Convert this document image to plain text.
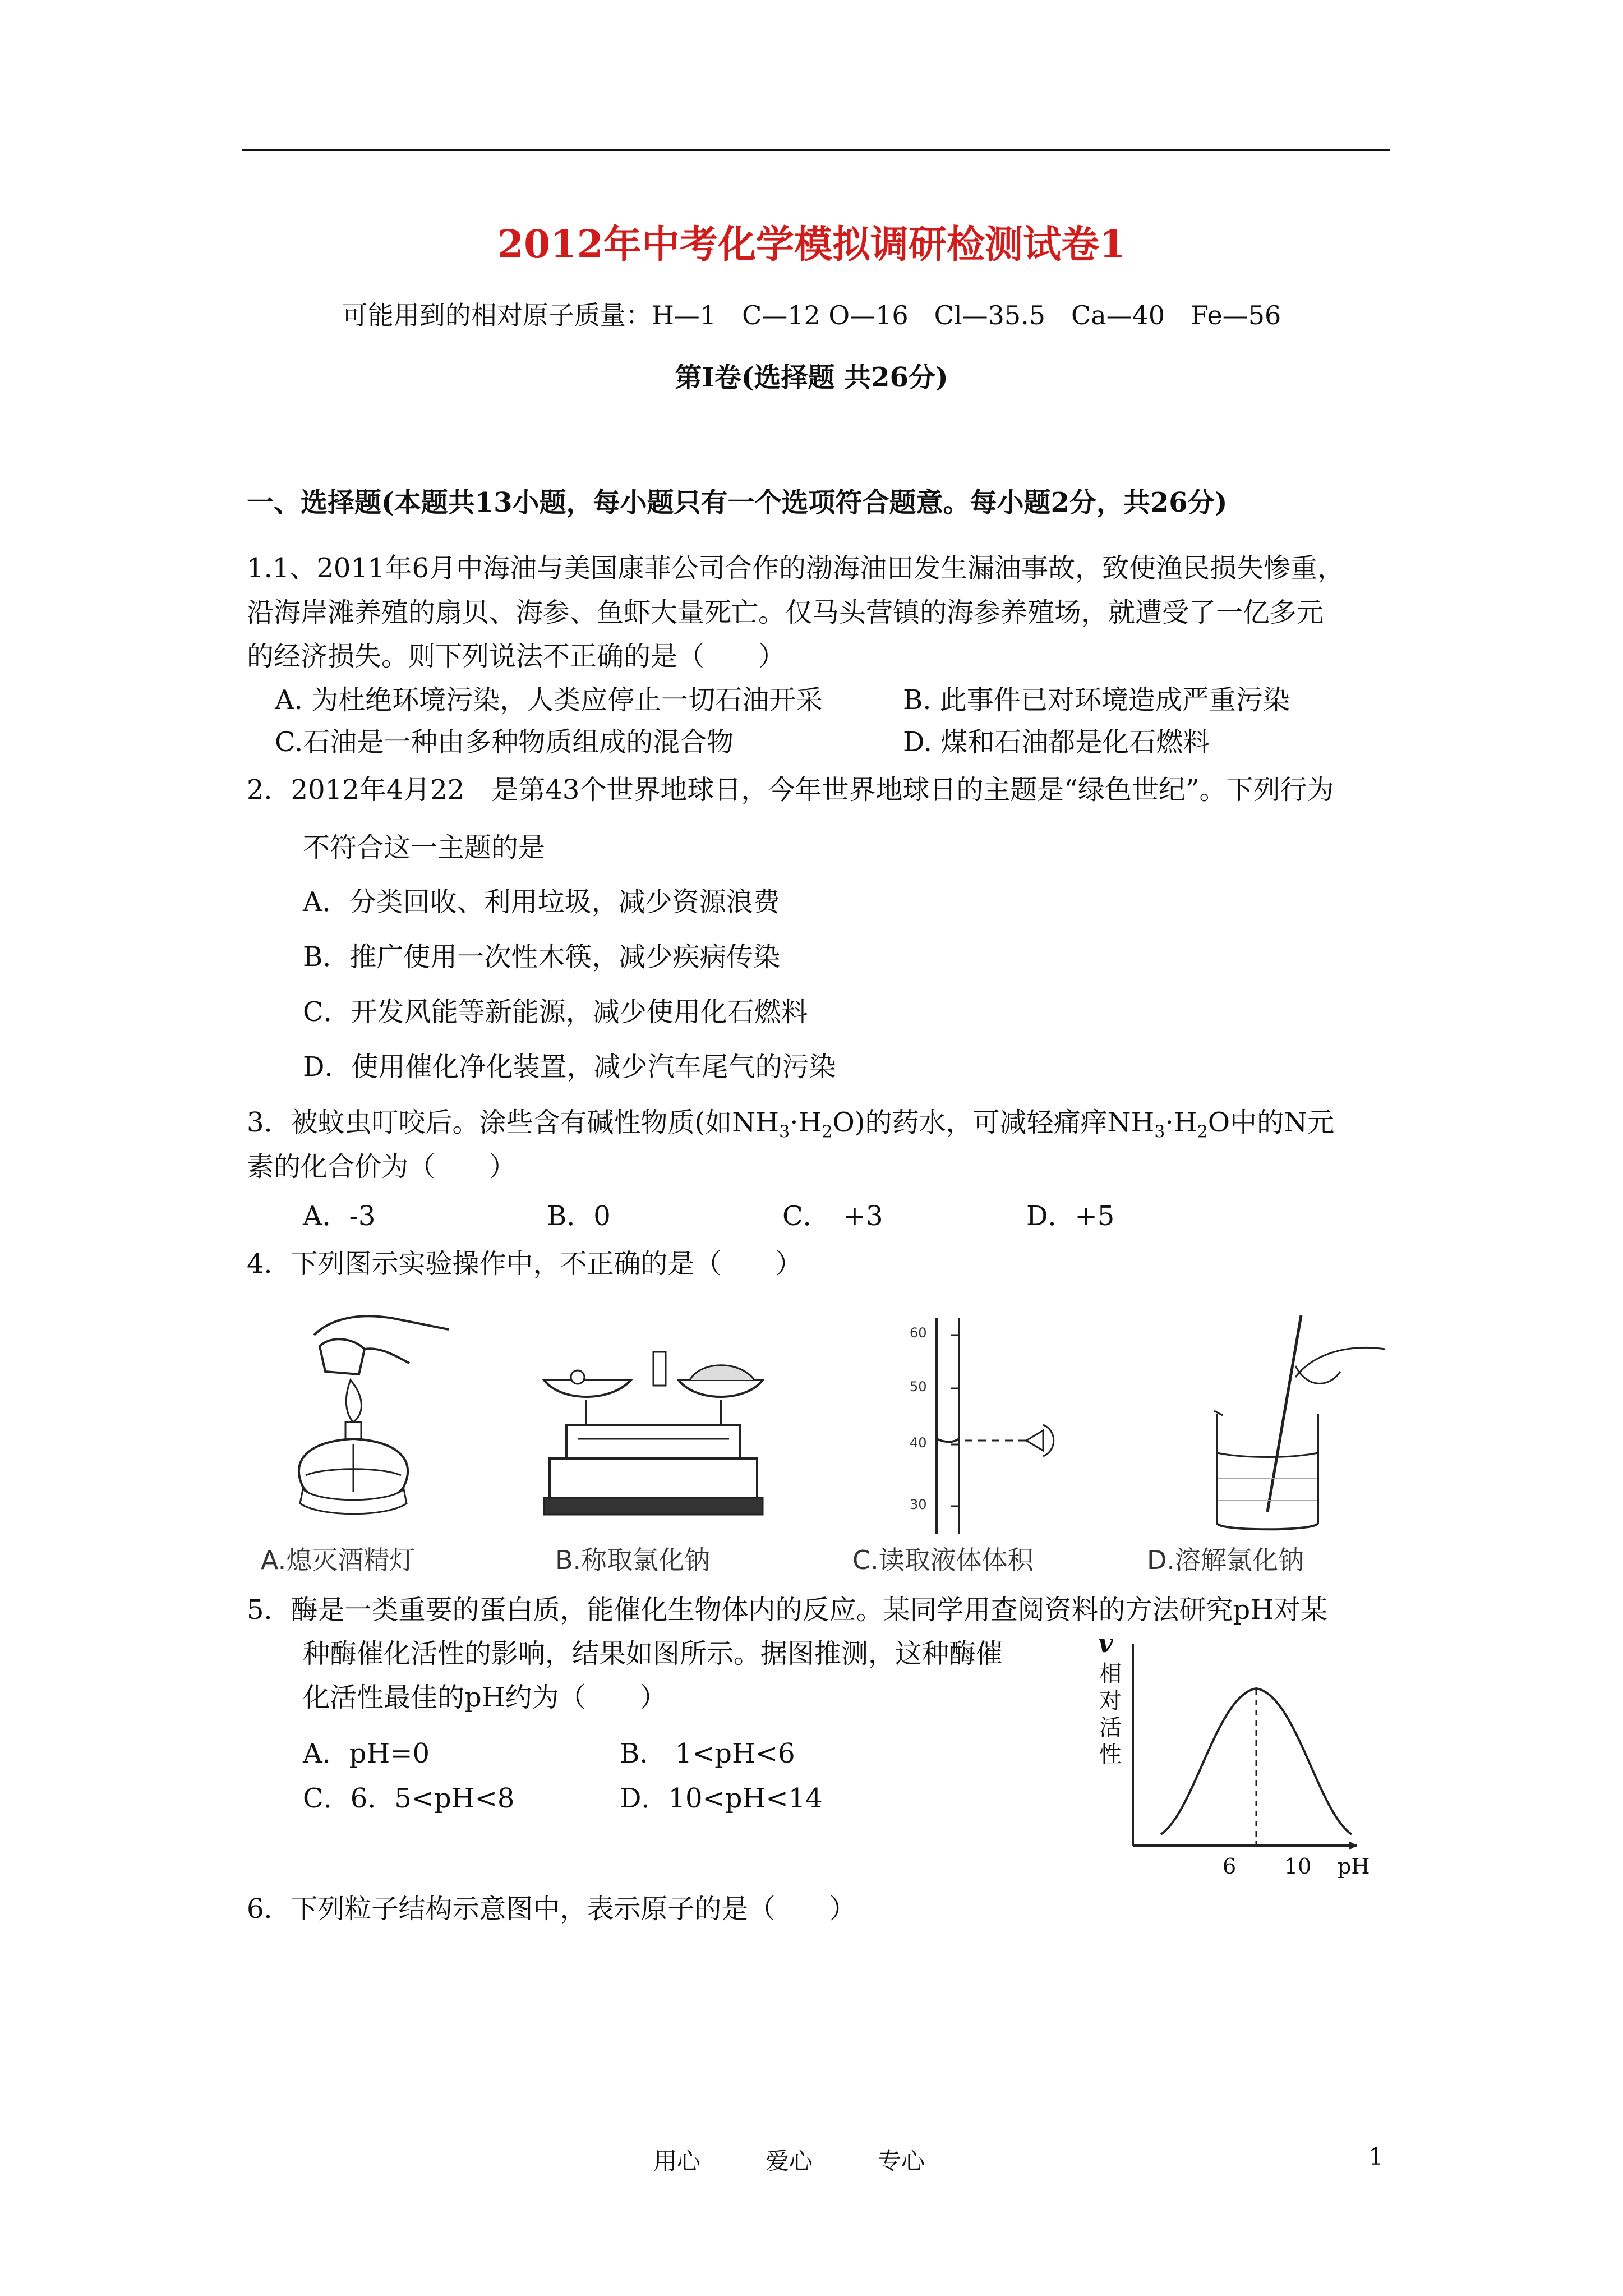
2012年中考化学模拟调研检测试卷1
可能用到的相对原子质量：H—1　C—12 O—16　Cl—35.5　Ca—40　Fe—56
第Ⅰ卷(选择题 共26分)
一、选择题(本题共13小题，每小题只有一个选项符合题意。每小题2分，共26分)
1.1、2011年6月中海油与美国康菲公司合作的渤海油田发生漏油事故，致使渔民损失惨重，
沿海岸滩养殖的扇贝、海参、鱼虾大量死亡。仅马头营镇的海参养殖场，就遭受了一亿多元
的经济损失。则下列说法不正确的是（　　）
A. 为杜绝环境污染，人类应停止一切石油开采	B. 此事件已对环境造成严重污染
C.石油是一种由多种物质组成的混合物	D. 煤和石油都是化石燃料
2．2012年4月22　是第43个世界地球日，今年世界地球日的主题是“绿色世纪”。下列行为
不符合这一主题的是
A．分类回收、利用垃圾，减少资源浪费
B．推广使用一次性木筷，减少疾病传染
C．开发风能等新能源，减少使用化石燃料
D．使用催化净化装置，减少汽车尾气的污染
3．被蚊虫叮咬后。涂些含有碱性物质(如$NH_3\cdot H_2O$)的药水，可减轻痛痒$NH_3\cdot H_2O$中的N元
素的化合价为（　　）
A．-3	B．0	C．　+3	D．+5
4．下列图示实验操作中，不正确的是（　　）
60
50
40
30
A.熄灭酒精灯	B.称取氯化钠	C.读取液体体积	D.溶解氯化钠
5．酶是一类重要的蛋白质，能催化生物体内的反应。某同学用查阅资料的方法研究pH对某
种酶催化活性的影响，结果如图所示。据图推测，这种酶催
化活性最佳的pH约为（　　）
A．pH=0	B.　1<pH<6
C．6．5<pH<8	D．10<pH<14
v
相
对
活
性
6 10 pH
6．下列粒子结构示意图中，表示原子的是（　　）
用心	爱心	专心	1
